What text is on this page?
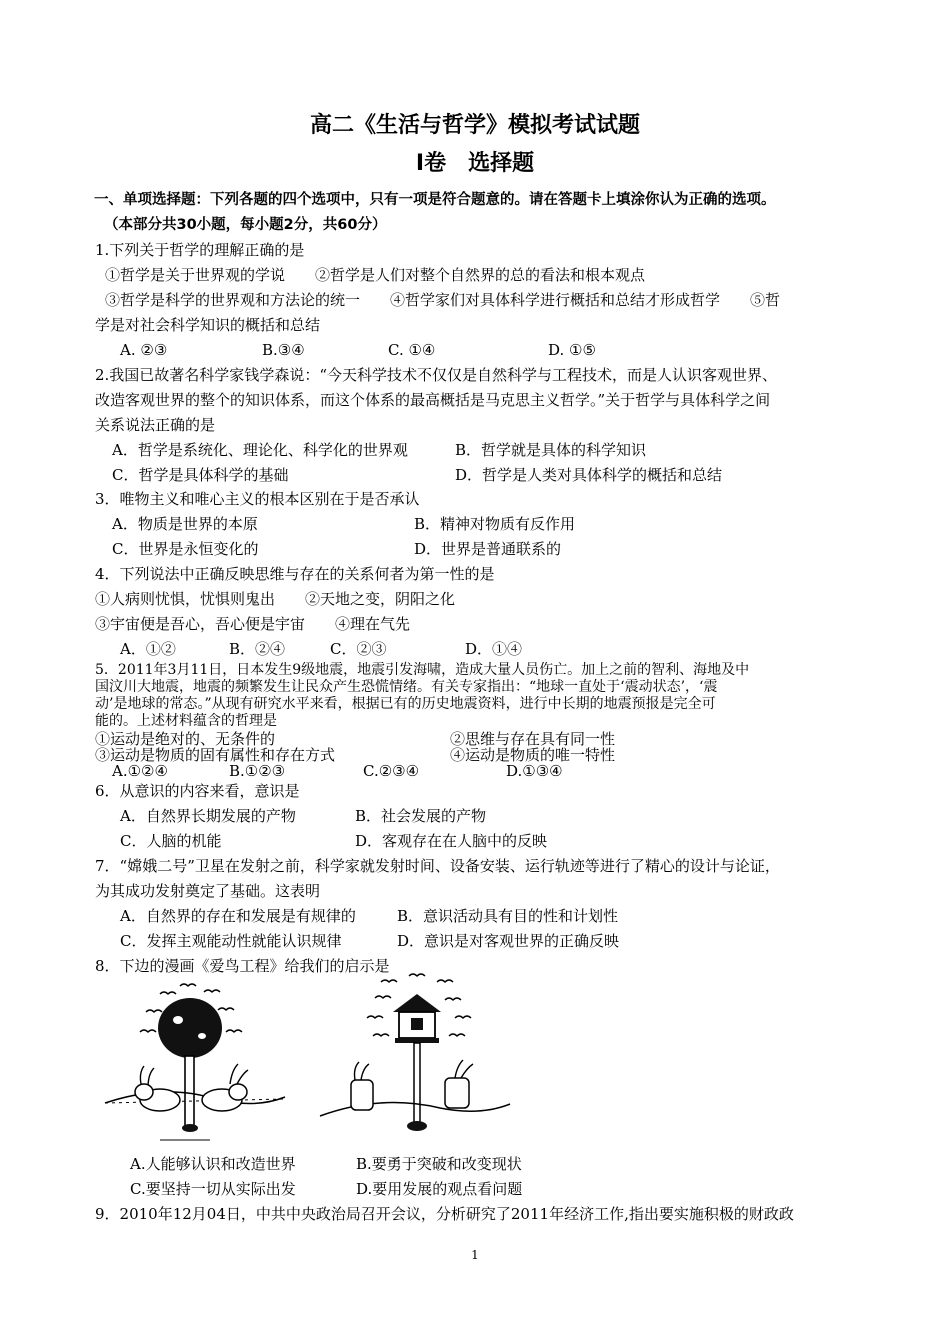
高二《生活与哲学》模拟考试试题
I卷　选择题
一、单项选择题：下列各题的四个选项中，只有一项是符合题意的。请在答题卡上填涂你认为正确的选项。
（本部分共30小题，每小题2分，共60分）
1.下列关于哲学的理解正确的是
①哲学是关于世界观的学说　　②哲学是人们对整个自然界的总的看法和根本观点
③哲学是科学的世界观和方法论的统一　　④哲学家们对具体科学进行概括和总结才形成哲学　　⑤哲
学是对社会科学知识的概括和总结
A. ②③	B.③④	C. ①④	D. ①⑤
2.我国已故著名科学家钱学森说：“今天科学技术不仅仅是自然科学与工程技术，而是人认识客观世界、
改造客观世界的整个的知识体系，而这个体系的最高概括是马克思主义哲学。”关于哲学与具体科学之间
关系说法正确的是
A．哲学是系统化、理论化、科学化的世界观	B．哲学就是具体的科学知识
C．哲学是具体科学的基础	D．哲学是人类对具体科学的概括和总结
3．唯物主义和唯心主义的根本区别在于是否承认
A．物质是世界的本原	B．精神对物质有反作用
C．世界是永恒变化的	D．世界是普通联系的
4．下列说法中正确反映思维与存在的关系何者为第一性的是
①人病则忧惧，忧惧则鬼出　　②天地之变，阴阳之化
③宇宙便是吾心，吾心便是宇宙　　④理在气先
A．①②	B．②④	C．②③	D．①④
5．2011年3月11日，日本发生9级地震，地震引发海啸，造成大量人员伤亡。加上之前的智利、海地及中
国汶川大地震，地震的频繁发生让民众产生恐慌情绪。有关专家指出：“地球一直处于‘震动状态’，‘震
动’是地球的常态。”从现有研究水平来看，根据已有的历史地震资料，进行中长期的地震预报是完全可
能的。上述材料蕴含的哲理是
①运动是绝对的、无条件的	②思维与存在具有同一性
③运动是物质的固有属性和存在方式	④运动是物质的唯一特性
A.①②④	B.①②③	C.②③④	D.①③④
6．从意识的内容来看，意识是
A．自然界长期发展的产物	B．社会发展的产物
C．人脑的机能	D．客观存在在人脑中的反映
7．“嫦娥二号”卫星在发射之前，科学家就发射时间、设备安装、运行轨迹等进行了精心的设计与论证，
为其成功发射奠定了基础。这表明
A．自然界的存在和发展是有规律的	B．意识活动具有目的性和计划性
C．发挥主观能动性就能认识规律	D．意识是对客观世界的正确反映
8．下边的漫画《爱鸟工程》给我们的启示是
A.人能够认识和改造世界	B.要勇于突破和改变现状
C.要坚持一切从实际出发	D.要用发展的观点看问题
9．2010年12月04日，中共中央政治局召开会议，分析研究了2011年经济工作,指出要实施积极的财政政
1
